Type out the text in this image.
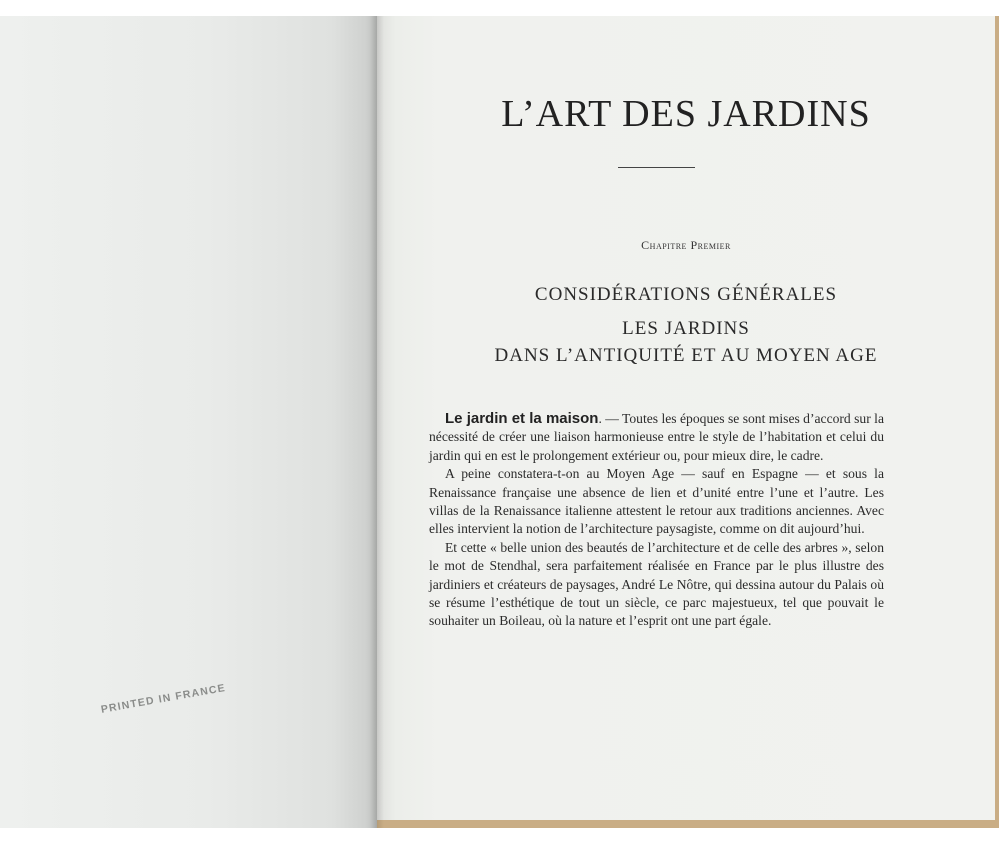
PRINTED IN FRANCE
L’ART DES JARDINS
Chapitre Premier
CONSIDÉRATIONS GÉNÉRALES
LES JARDINS
DANS L’ANTIQUITÉ ET AU MOYEN AGE

Le jardin et la maison. — Toutes les époques se sont mises d’accord sur la nécessité de créer une liaison harmonieuse entre le style de l’habitation et celui du jardin qui en est le prolongement extérieur ou, pour mieux dire, le cadre.

A peine constatera-t-on au Moyen Age — sauf en Espagne — et sous la Renaissance française une absence de lien et d’unité entre l’une et l’autre. Les villas de la Renaissance italienne attestent le retour aux traditions anciennes. Avec elles intervient la notion de l’architecture paysagiste, comme on dit aujourd’hui.

Et cette « belle union des beautés de l’architecture et de celle des arbres », selon le mot de Stendhal, sera parfaitement réalisée en France par le plus illustre des jardiniers et créateurs de paysages, André Le Nôtre, qui dessina autour du Palais où se résume l’esthétique de tout un siècle, ce parc majestueux, tel que pouvait le souhaiter un Boileau, où la nature et l’esprit ont une part égale.
